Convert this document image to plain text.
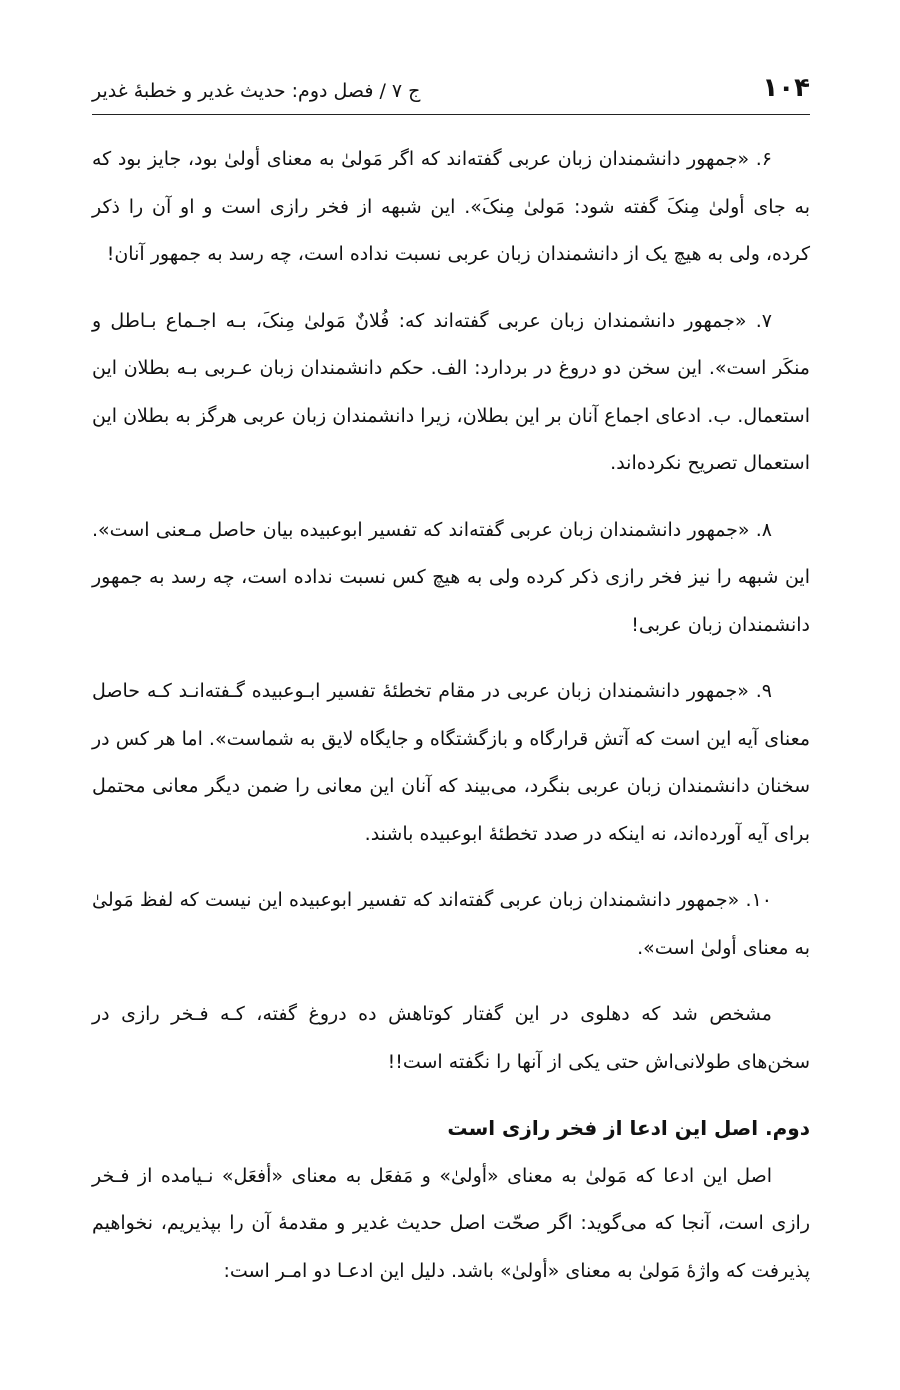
۱۰۴
ج ۷ / فصل دوم: حدیث غدیر و خطبهٔ غدیر

۶. «جمهور دانشمندان زبان عربی گفته‌اند که اگر مَولیٰ به معنای أولیٰ بود، جایز بود که به جای أولیٰ مِنکَ گفته شود: مَولیٰ مِنکَ». این شبهه از فخر رازی است و او آن را ذکر کرده، ولی به هیچ یک از دانشمندان زبان عربی نسبت نداده است، چه رسد به جمهور آنان!

۷. «جمهور دانشمندان زبان عربی گفته‌اند که: فُلانٌ مَولیٰ مِنکَ، بـه اجـماع بـاطل و منکَر است». این سخن دو دروغ در بردارد: الف. حکم دانشمندان زبان عـربی بـه بطلان این استعمال. ب. ادعای اجماع آنان بر این بطلان، زیرا دانشمندان زبان عربی هرگز به بطلان این استعمال تصریح نکرده‌اند.

۸. «جمهور دانشمندان زبان عربی گفته‌اند که تفسیر ابوعبیده بیان حاصل مـعنی است». این شبهه را نیز فخر رازی ذکر کرده ولی به هیچ کس نسبت نداده است، چه رسد به جمهور دانشمندان زبان عربی!

۹. «جمهور دانشمندان زبان عربی در مقام تخطئهٔ تفسیر ابـوعبیده گـفته‌انـد کـه حاصل معنای آیه این است که آتش قرارگاه و بازگشتگاه و جایگاه لایق به شماست». اما هر کس در سخنان دانشمندان زبان عربی بنگرد، می‌بیند که آنان این معانی را ضمن دیگر معانی محتمل برای آیه آورده‌اند، نه اینکه در صدد تخطئهٔ ابوعبیده باشند.

۱۰. «جمهور دانشمندان زبان عربی گفته‌اند که تفسیر ابوعبیده این نیست که لفظ مَولیٰ به معنای أولیٰ است».

مشخص شد که دهلوی در این گفتار کوتاهش ده دروغ گفته، کـه فـخر رازی در سخن‌های طولانی‌اش حتی یکی از آنها را نگفته است!!

دوم. اصل این ادعا از فخر رازی است

اصل این ادعا که مَولیٰ به معنای «أولیٰ» و مَفعَل به معنای «أفعَل» نـیامده از فـخر رازی است، آنجا که می‌گوید: اگر صحّت اصل حدیث غدیر و مقدمهٔ آن را بپذیریم، نخواهیم پذیرفت که واژهٔ مَولیٰ به معنای «أولیٰ» باشد. دلیل این ادعـا دو امـر است:
